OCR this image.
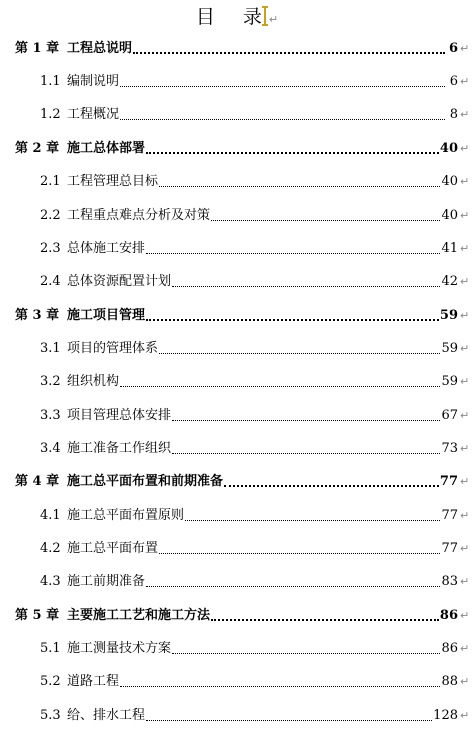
目 录 ↵
第 1 章 工程总说明	6 ↵
1.1 编制说明	6 ↵
1.2 工程概况	8 ↵
第 2 章 施工总体部署	40 ↵
2.1 工程管理总目标	40 ↵
2.2 工程重点难点分析及对策	40 ↵
2.3 总体施工安排	41 ↵
2.4 总体资源配置计划	42 ↵
第 3 章 施工项目管理	59 ↵
3.1 项目的管理体系	59 ↵
3.2 组织机构	59 ↵
3.3 项目管理总体安排	67 ↵
3.4 施工准备工作组织	73 ↵
第 4 章 施工总平面布置和前期准备	77 ↵
4.1 施工总平面布置原则	77 ↵
4.2 施工总平面布置	77 ↵
4.3 施工前期准备	83 ↵
第 5 章 主要施工工艺和施工方法	86 ↵
5.1 施工测量技术方案	86 ↵
5.2 道路工程	88 ↵
5.3 给、排水工程	128 ↵
